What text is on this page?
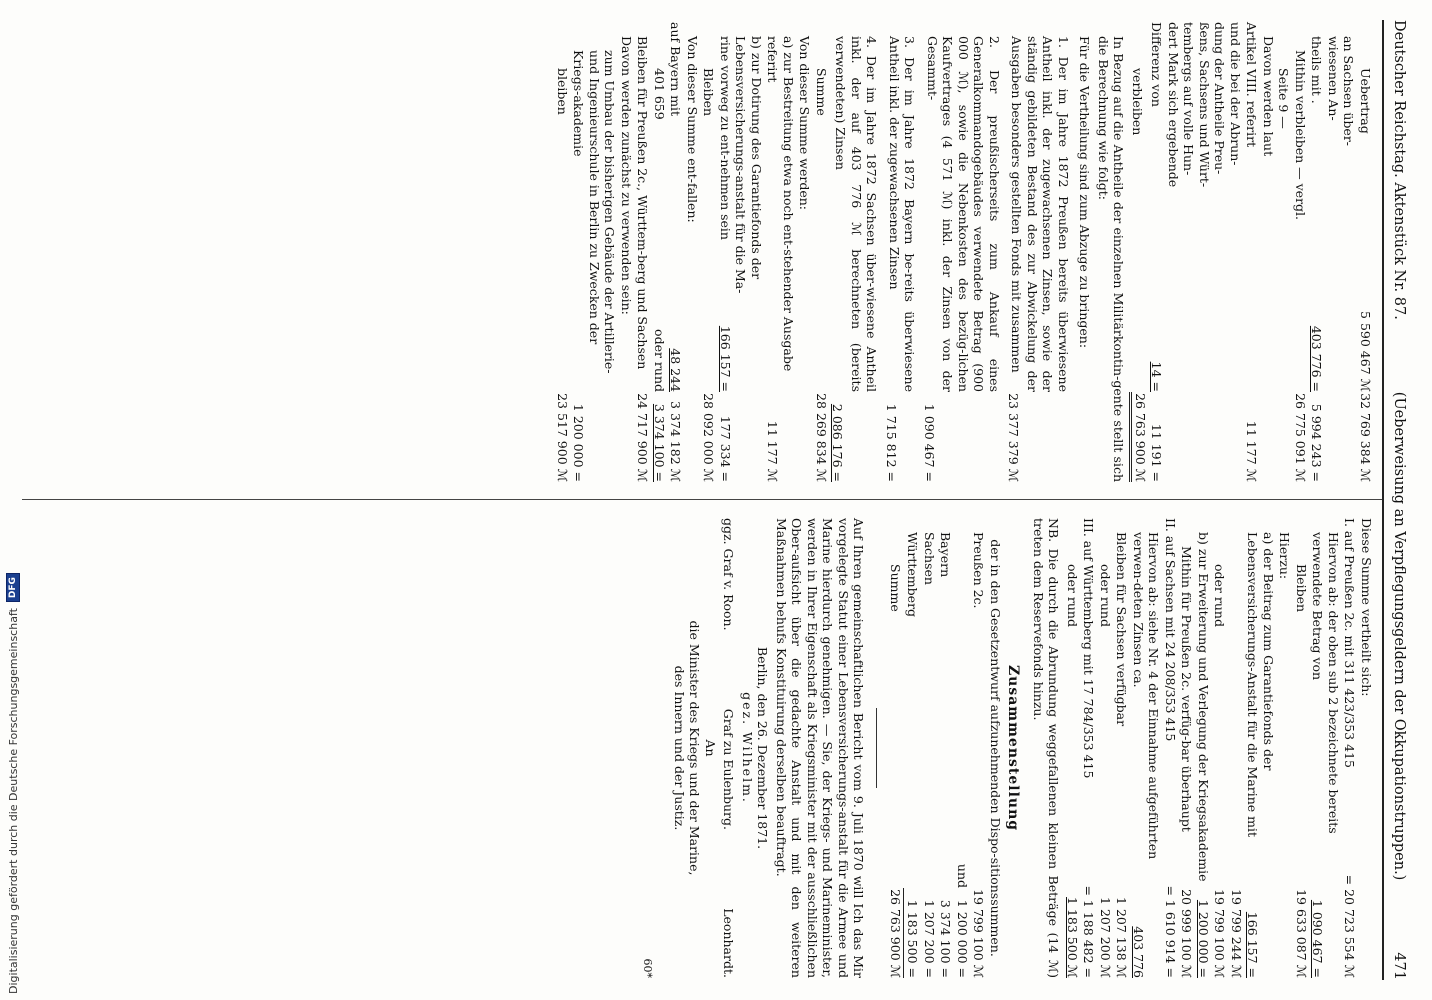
Deutscher Reichstag. Aktenstück Nr. 87.
(Ueberweisung an Verpflegungsgeldern der Okkupationstruppen.)
471
Uebertrag
5 590 467 ℳ
32 769 384 ℳ
an Sachsen über-
wiesenen An-
theils mit .
403 776 =
5 994 243 =
Mithin verbleiben — vergl.
26 775 091 ℳ
Seite 9 —
Davon werden laut
Artikel VIII. referirt
11 177 ℳ
und die bei der Abrun-
dung der Antheile Preu-
ßens, Sachsens und Würt-
tembergs auf volle Hun-
dert Mark sich ergebende
Differenz von
14 =
11 191 =
verbleiben
26 763 900 ℳ
In Bezug auf die Antheile der einzelnen Militärkontin-gente stellt sich die Berechnung wie folgt:
Für die Vertheilung sind zum Abzuge zu bringen:
1. Der im Jahre 1872 Preußen bereits überwiesene Antheil inkl. der zugewachsenen Zinsen, sowie der ständig gebildeten Bestand des zur Abwickelung der Ausgaben besonders gestellten Fonds mit zusammen
23 377 379 ℳ
2. Der preußischerseits zum Ankauf eines Generalkommandogebäudes verwendete Betrag (900 000 ℳ), sowie die Nebenkosten des bezüg-lichen Kaufvertrages (4 571 ℳ) inkl. der Zinsen von der Gesammt-
1 090 467 =
3. Der im Jahre 1872 Bayern be-reits überwiesene Antheil inkl. der zugewachsenen Zinsen
1 715 812 =
4. Der im Jahre 1872 Sachsen über-wiesene Antheil inkl. der auf 403 776 ℳ berechneten (bereits verwendeten) Zinsen
2 086 176 =
Summe
28 269 834 ℳ
Von dieser Summe werden:
a) zur Bestreitung etwa noch ent-stehender Ausgabe referirt
11 177 ℳ
b) zur Dotirung des Garantiefonds der Lebensversicherungs-anstalt für die Ma-rine vorweg zu ent-nehmen sein
166 157 =
177 334 =
Bleiben
28 092 000 ℳ
Von dieser Summe ent-fallen:
auf Bayern mit
48 244
3 374 182 ℳ
401 659
oder rund
3 374 100 =
Bleiben für Preußen 2c., Württem-berg und Sachsen
24 717 900 ℳ
Davon werden zunächst zu verwenden sein:
zum Umbau der bisherigen Gebäude der Artillerie- und Ingenieurschule in Berlin zu Zwecken der Kriegs-akademie
1 200 000 =
bleiben
23 517 900 ℳ
Diese Summe vertheilt sich:
I. auf Preußen 2c. mit 311 423/353 415
= 20 723 554 ℳ
Hiervon ab: der oben sub 2 bezeichnete bereits verwendete Betrag von
1 090 467 =
Bleiben
19 633 087 ℳ
Hierzu:
a) der Beitrag zum Garantiefonds der Lebensversicherungs-Anstalt für die Marine mit
166 157 =
19 799 244 ℳ
oder rund
19 799 100 ℳ
b) zur Erweiterung und Verlegung der Kriegsakademie
1 200 000 =
Mithin für Preußen 2c. verfüg-bar überhaupt
20 999 100 ℳ
II. auf Sachsen mit 24 208/353 415
= 1 610 914 =
Hiervon ab: siehe Nr. 4 der Einnahme aufgeführten verwen-deten Zinsen ca.
403 776
Bleiben für Sachsen verfügbar
1 207 138 ℳ
oder rund
1 207 200 ℳ
III. auf Württemberg mit 17 784/353 415
= 1 188 482 =
oder rund
1 183 500 ℳ
NB. Die durch die Abrundung weggefallenen kleinen Beträge (14 ℳ) treten dem Reservefonds hinzu.
Zusammenstellung
der in den Gesetzentwurf aufzunehmenden Dispo-sitionssummen.
Preußen 2c.
19 799 100 ℳ
und
1 200 000 =
Bayern
3 374 100 =
Sachsen
1 207 200 =
Württemberg
1 183 500 =
Summe
26 763 900 ℳ
Auf Ihren gemeinschaftlichen Bericht vom 9. Juli 1870 will Ich das Mir vorgelegte Statut einer Lebensversicherungs-anstalt für die Armee und Marine hierdurch genehmigen. — Sie, der Kriegs- und Marineminister, werden in Ihrer Eigenschaft als Kriegsminister mit der ausschließlichen Ober-aufsicht über die gedachte Anstalt und mit den weiteren Maßnahmen behufs Konstituirung derselben beauftragt.
Berlin, den 26. Dezember 1871.
gez. Wilhelm.
ggz. Graf v. Roon.
Graf zu Eulenburg.
Leonhardt.
An
die Minister des Kriegs und der Marine,
des Innern und der Justiz.
60*
Digitalisierung gefördert durch die Deutsche Forschungsgemeinschaft
DFG
